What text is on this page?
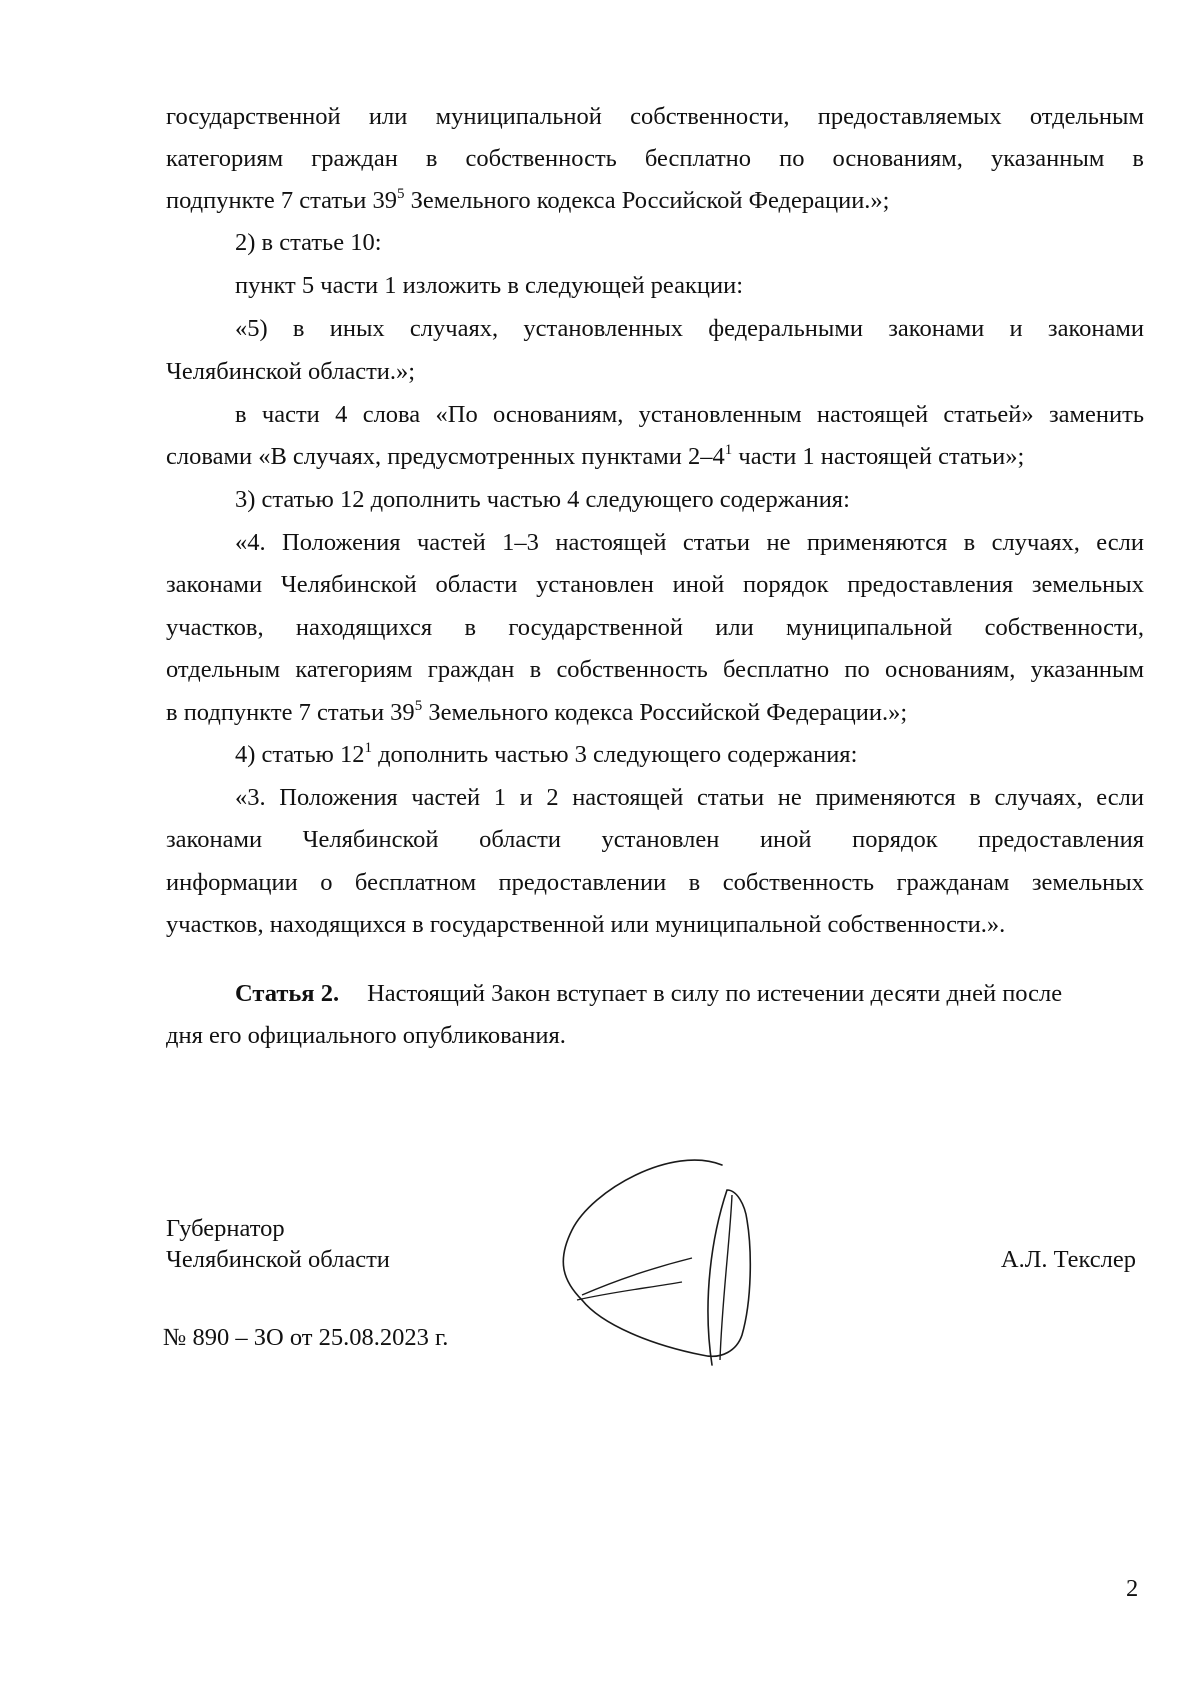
государственной или муниципальной собственности, предоставляемых отдельным
категориям граждан в собственность бесплатно по основаниям, указанным в
подпункте 7 статьи $39^5$ Земельного кодекса Российской Федерации.»;
2) в статье 10:
пункт 5 части 1 изложить в следующей реакции:
«5) в иных случаях, установленных федеральными законами и законами
Челябинской области.»;
в части 4 слова «По основаниям, установленным настоящей статьей» заменить
словами «В случаях, предусмотренных пунктами $2-4^1$ части 1 настоящей статьи»;
3) статью 12 дополнить частью 4 следующего содержания:
«4. Положения частей 1–3 настоящей статьи не применяются в случаях, если
законами Челябинской области установлен иной порядок предоставления земельных
участков, находящихся в государственной или муниципальной собственности,
отдельным категориям граждан в собственность бесплатно по основаниям, указанным
в подпункте 7 статьи $39^5$ Земельного кодекса Российской Федерации.»;
4) статью $12^1$ дополнить частью 3 следующего содержания:
«3. Положения частей 1 и 2 настоящей статьи не применяются в случаях, если
законами Челябинской области установлен иной порядок предоставления
информации о бесплатном предоставлении в собственность гражданам земельных
участков, находящихся в государственной или муниципальной собственности.».
Статья 2. Настоящий Закон вступает в силу по истечении десяти дней после
дня его официального опубликования.
Губернатор
Челябинской области	А.Л. Текслер
№ 890 – ЗО от 25.08.2023 г.
2
